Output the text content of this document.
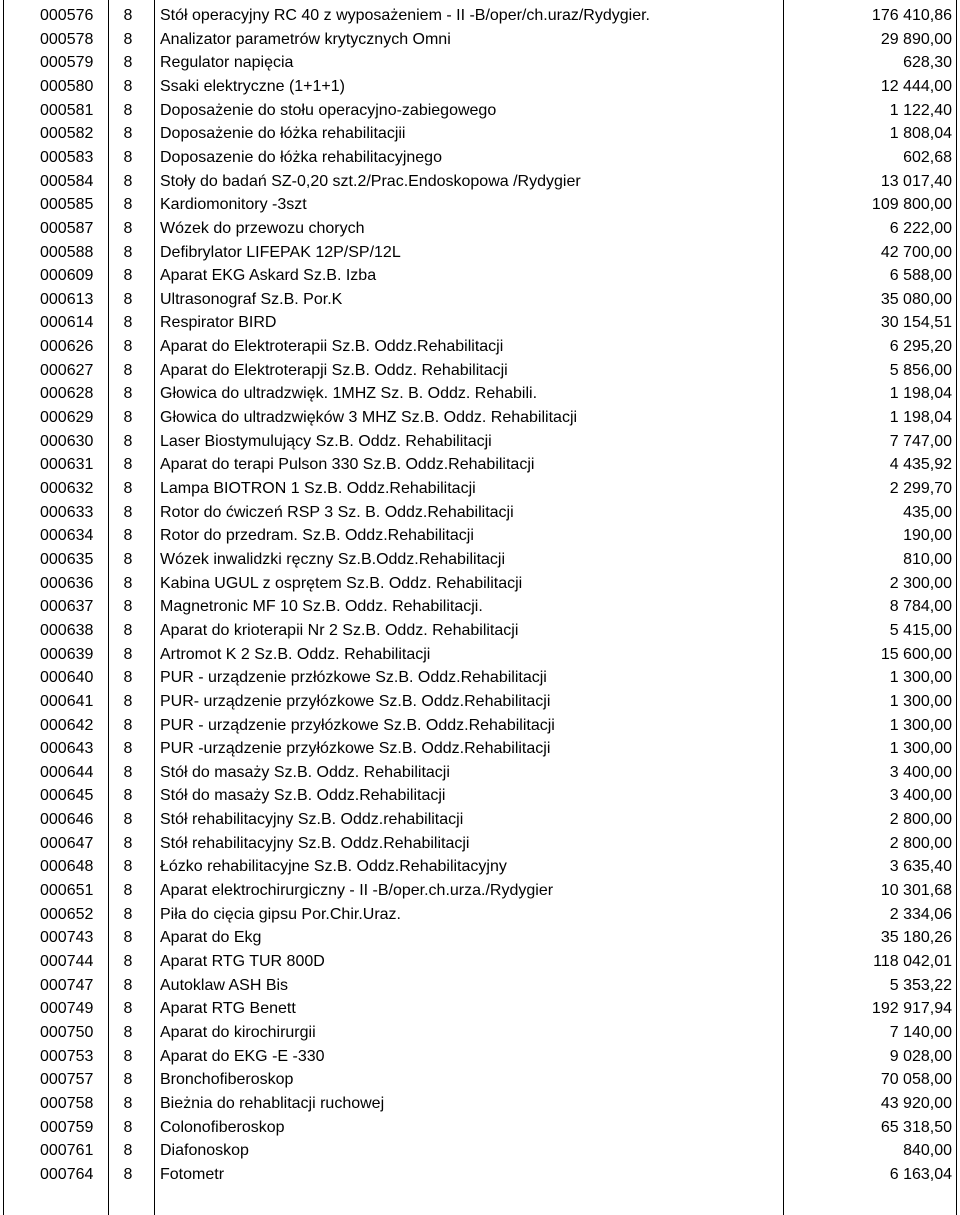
000576	8	Stół operacyjny RC 40 z wyposażeniem - II -B/oper/ch.uraz/Rydygier.	176 410,86
000578	8	Analizator parametrów krytycznych Omni	29 890,00
000579	8	Regulator napięcia	628,30
000580	8	Ssaki elektryczne (1+1+1)	12 444,00
000581	8	Doposażenie do stołu operacyjno-zabiegowego	1 122,40
000582	8	Doposażenie do łóżka rehabilitacjii	1 808,04
000583	8	Doposazenie do łóżka rehabilitacyjnego	602,68
000584	8	Stoły do badań SZ-0,20 szt.2/Prac.Endoskopowa /Rydygier	13 017,40
000585	8	Kardiomonitory -3szt	109 800,00
000587	8	Wózek do przewozu chorych	6 222,00
000588	8	Defibrylator LIFEPAK 12P/SP/12L	42 700,00
000609	8	Aparat EKG Askard Sz.B. Izba	6 588,00
000613	8	Ultrasonograf Sz.B. Por.K	35 080,00
000614	8	Respirator BIRD	30 154,51
000626	8	Aparat do Elektroterapii Sz.B. Oddz.Rehabilitacji	6 295,20
000627	8	Aparat do Elektroterapji Sz.B. Oddz. Rehabilitacji	5 856,00
000628	8	Głowica do ultradzwięk. 1MHZ Sz. B. Oddz. Rehabili.	1 198,04
000629	8	Głowica do ultradzwięków 3 MHZ Sz.B. Oddz. Rehabilitacji	1 198,04
000630	8	Laser Biostymulujący Sz.B. Oddz. Rehabilitacji	7 747,00
000631	8	Aparat do terapi Pulson 330 Sz.B. Oddz.Rehabilitacji	4 435,92
000632	8	Lampa BIOTRON 1 Sz.B. Oddz.Rehabilitacji	2 299,70
000633	8	Rotor do ćwiczeń RSP 3 Sz. B. Oddz.Rehabilitacji	435,00
000634	8	Rotor do przedram. Sz.B. Oddz.Rehabilitacji	190,00
000635	8	Wózek inwalidzki ręczny Sz.B.Oddz.Rehabilitacji	810,00
000636	8	Kabina UGUL z osprętem Sz.B. Oddz. Rehabilitacji	2 300,00
000637	8	Magnetronic MF 10 Sz.B. Oddz. Rehabilitacji.	8 784,00
000638	8	Aparat do krioterapii Nr 2 Sz.B. Oddz. Rehabilitacji	5 415,00
000639	8	Artromot K 2 Sz.B. Oddz. Rehabilitacji	15 600,00
000640	8	PUR - urządzenie przłózkowe Sz.B. Oddz.Rehabilitacji	1 300,00
000641	8	PUR- urządzenie przyłózkowe Sz.B. Oddz.Rehabilitacji	1 300,00
000642	8	PUR - urządzenie przyłózkowe Sz.B. Oddz.Rehabilitacji	1 300,00
000643	8	PUR -urządzenie przyłózkowe Sz.B. Oddz.Rehabilitacji	1 300,00
000644	8	Stół do masaży Sz.B. Oddz. Rehabilitacji	3 400,00
000645	8	Stół do masaży Sz.B. Oddz.Rehabilitacji	3 400,00
000646	8	Stół rehabilitacyjny Sz.B. Oddz.rehabilitacji	2 800,00
000647	8	Stół rehabilitacyjny Sz.B. Oddz.Rehabilitacji	2 800,00
000648	8	Łózko rehabilitacyjne Sz.B. Oddz.Rehabilitacyjny	3 635,40
000651	8	Aparat elektrochirurgiczny - II -B/oper.ch.urza./Rydygier	10 301,68
000652	8	Piła do cięcia gipsu Por.Chir.Uraz.	2 334,06
000743	8	Aparat do Ekg	35 180,26
000744	8	Aparat RTG TUR 800D	118 042,01
000747	8	Autoklaw ASH Bis	5 353,22
000749	8	Aparat RTG Benett	192 917,94
000750	8	Aparat do kirochirurgii	7 140,00
000753	8	Aparat do EKG -E -330	9 028,00
000757	8	Bronchofiberoskop	70 058,00
000758	8	Bieżnia do rehablitacji ruchowej	43 920,00
000759	8	Colonofiberoskop	65 318,50
000761	8	Diafonoskop	840,00
000764	8	Fotometr	6 163,04
